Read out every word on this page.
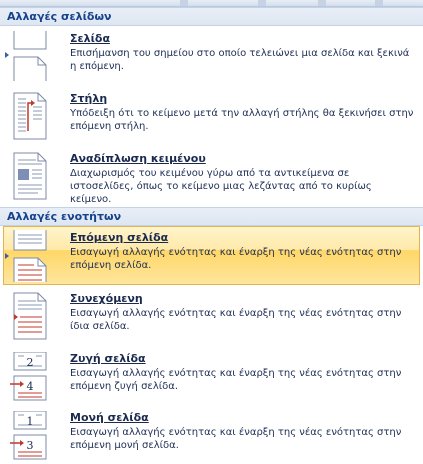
Αλλαγές σελίδων
Σελίδα
Επισήμανση του σημείου στο οποίο τελειώνει μια σελίδα και ξεκινά η επόμενη.
Στήλη
Υπόδειξη ότι το κείμενο μετά την αλλαγή στήλης θα ξεκινήσει στην επόμενη στήλη.
Αναδίπλωση κειμένου
Διαχωρισμός του κειμένου γύρω από τα αντικείμενα σε ιστοσελίδες, όπως το κείμενο μιας λεζάντας από το κυρίως κείμενο.
Αλλαγές ενοτήτων
Επόμενη σελίδα
Εισαγωγή αλλαγής ενότητας και έναρξη της νέας ενότητας στην επόμενη σελίδα.
Συνεχόμενη
Εισαγωγή αλλαγής ενότητας και έναρξη της νέας ενότητας στην ίδια σελίδα.
2
4
Ζυγή σελίδα
Εισαγωγή αλλαγής ενότητας και έναρξη της νέας ενότητας στην επόμενη ζυγή σελίδα.
1
3
Μονή σελίδα
Εισαγωγή αλλαγής ενότητας και έναρξη της νέας ενότητας στην επόμενη μονή σελίδα.
